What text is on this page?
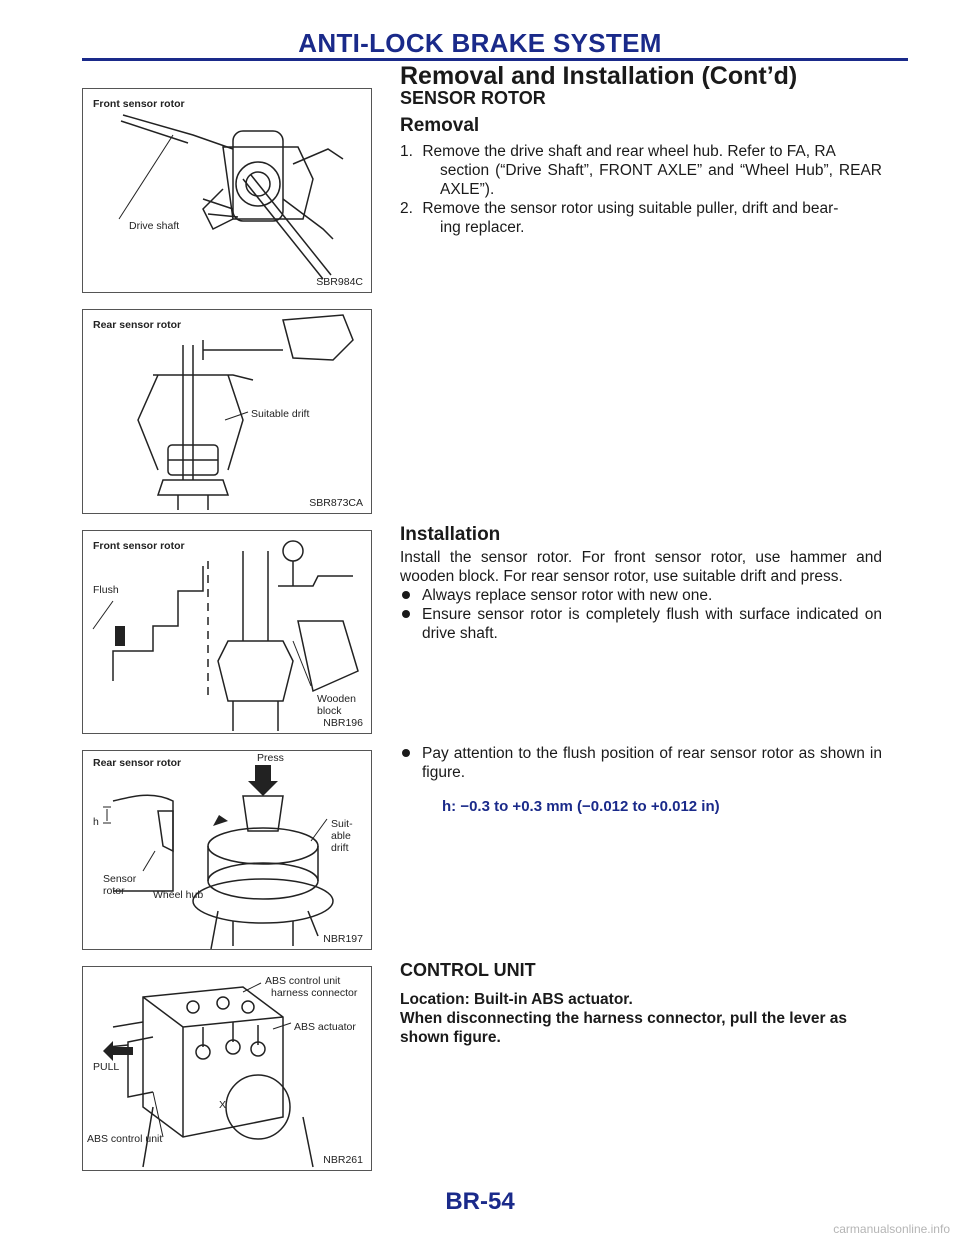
ANTI-LOCK BRAKE SYSTEM
Removal and Installation (Cont’d)
Front sensor rotor
Drive shaft
SBR984C
Rear sensor rotor
Suitable drift
SBR873CA
Front sensor rotor
Flush
Wooden
block
NBR196
Rear sensor rotor	Press
h	Suit-
able
drift
Sensor
rotor	Wheel hub
NBR197
ABS control unit
harness connector
ABS actuator
PULL
X
ABS control unit
NBR261
SENSOR ROTOR
Removal

1. Remove the drive shaft and rear wheel hub. Refer to FA, RA
section (“Drive Shaft”, FRONT AXLE” and “Wheel Hub”, REAR AXLE”).

2. Remove the sensor rotor using suitable puller, drift and bear-
ing replacer.

Installation

Install the sensor rotor. For front sensor rotor, use hammer and wooden block. For rear sensor rotor, use suitable drift and press.

Always replace sensor rotor with new one.

Ensure sensor rotor is completely flush with surface indicated on drive shaft.

Pay attention to the flush position of rear sensor rotor as shown in figure.

h: −0.3 to +0.3 mm (−0.012 to +0.012 in)

CONTROL UNIT
Location: Built-in ABS actuator.
When disconnecting the harness connector, pull the lever as shown figure.
BR-54
carmanualsonline.info
